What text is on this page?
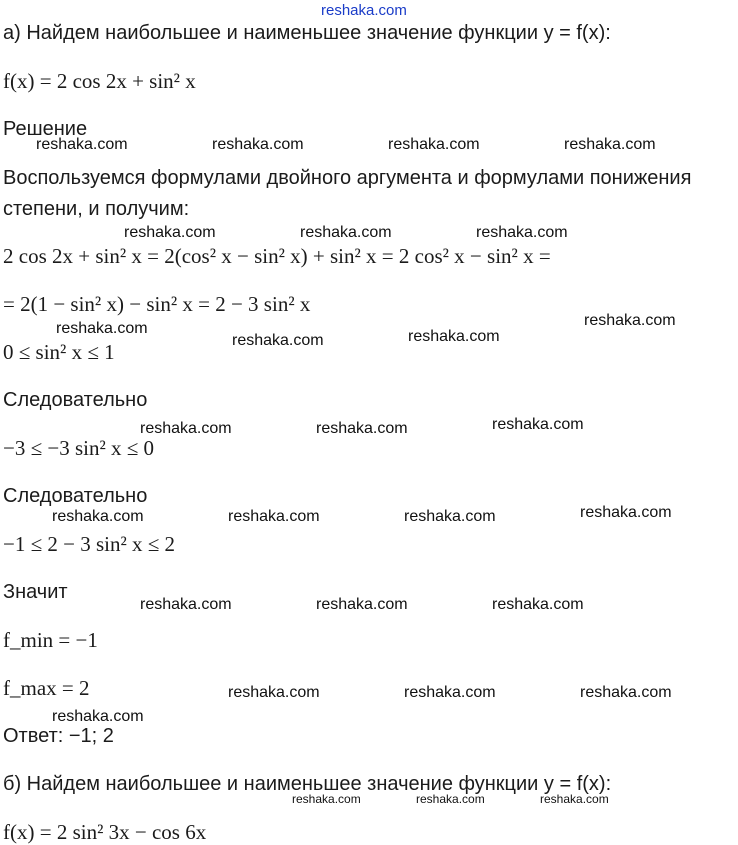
reshaka.com
а) Найдем наибольшее и наименьшее значение функции y = f(x):
f(x) = 2 cos 2x + sin² x
Решение
Воспользуемся формулами двойного аргумента и формулами понижения
степени, и получим:
2 cos 2x + sin² x = 2(cos² x − sin² x) + sin² x = 2 cos² x − sin² x =
= 2(1 − sin² x) − sin² x = 2 − 3 sin² x
0 ≤ sin² x ≤ 1
Следовательно
−3 ≤ −3 sin² x ≤ 0
Следовательно
−1 ≤ 2 − 3 sin² x ≤ 2
Значит
f_min = −1
f_max = 2
Ответ: −1; 2
б) Найдем наибольшее и наименьшее значение функции y = f(x):
f(x) = 2 sin² 3x − cos 6x
reshaka.com	reshaka.com	reshaka.com	reshaka.com
reshaka.com	reshaka.com	reshaka.com
reshaka.com
reshaka.com	reshaka.com
reshaka.com
reshaka.com	reshaka.com	reshaka.com
reshaka.com	reshaka.com	reshaka.com	reshaka.com
reshaka.com	reshaka.com	reshaka.com
reshaka.com	reshaka.com	reshaka.com
reshaka.com
reshaka.com	reshaka.com	reshaka.com
